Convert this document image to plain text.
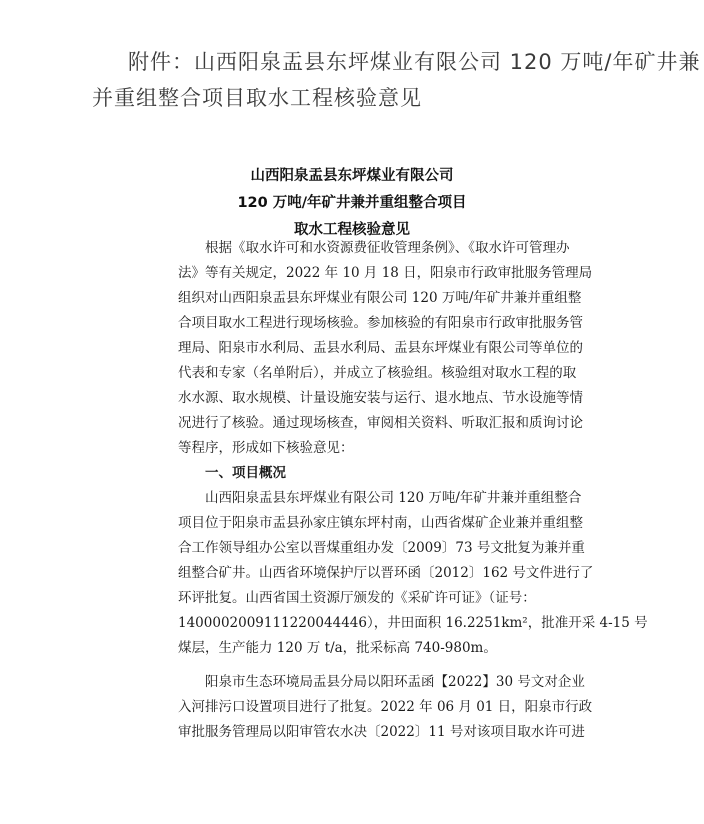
附件：山西阳泉盂县东坪煤业有限公司 120 万吨/年矿井兼
并重组整合项目取水工程核验意见
山西阳泉盂县东坪煤业有限公司
120 万吨/年矿井兼并重组整合项目
取水工程核验意见

根据《取水许可和水资源费征收管理条例》、《取水许可管理办
法》等有关规定，2022 年 10 月 18 日，阳泉市行政审批服务管理局
组织对山西阳泉盂县东坪煤业有限公司 120 万吨/年矿井兼并重组整
合项目取水工程进行现场核验。参加核验的有阳泉市行政审批服务管
理局、阳泉市水利局、盂县水利局、盂县东坪煤业有限公司等单位的
代表和专家（名单附后），并成立了核验组。核验组对取水工程的取
水水源、取水规模、计量设施安装与运行、退水地点、节水设施等情
况进行了核验。通过现场核查，审阅相关资料、听取汇报和质询讨论
等程序，形成如下核验意见：

一、项目概况

山西阳泉盂县东坪煤业有限公司 120 万吨/年矿井兼并重组整合
项目位于阳泉市盂县孙家庄镇东坪村南，山西省煤矿企业兼并重组整
合工作领导组办公室以晋煤重组办发〔2009〕73 号文批复为兼并重
组整合矿井。山西省环境保护厅以晋环函〔2012〕162 号文件进行了
环评批复。山西省国土资源厅颁发的《采矿许可证》（证号：
1400002009111220044446），井田面积 16.2251km²，批准开采 4-15 号
煤层，生产能力 120 万 t/a，批采标高 740-980m。

阳泉市生态环境局盂县分局以阳环盂函【2022】30 号文对企业
入河排污口设置项目进行了批复。2022 年 06 月 01 日，阳泉市行政
审批服务管理局以阳审管农水决〔2022〕11 号对该项目取水许可进
